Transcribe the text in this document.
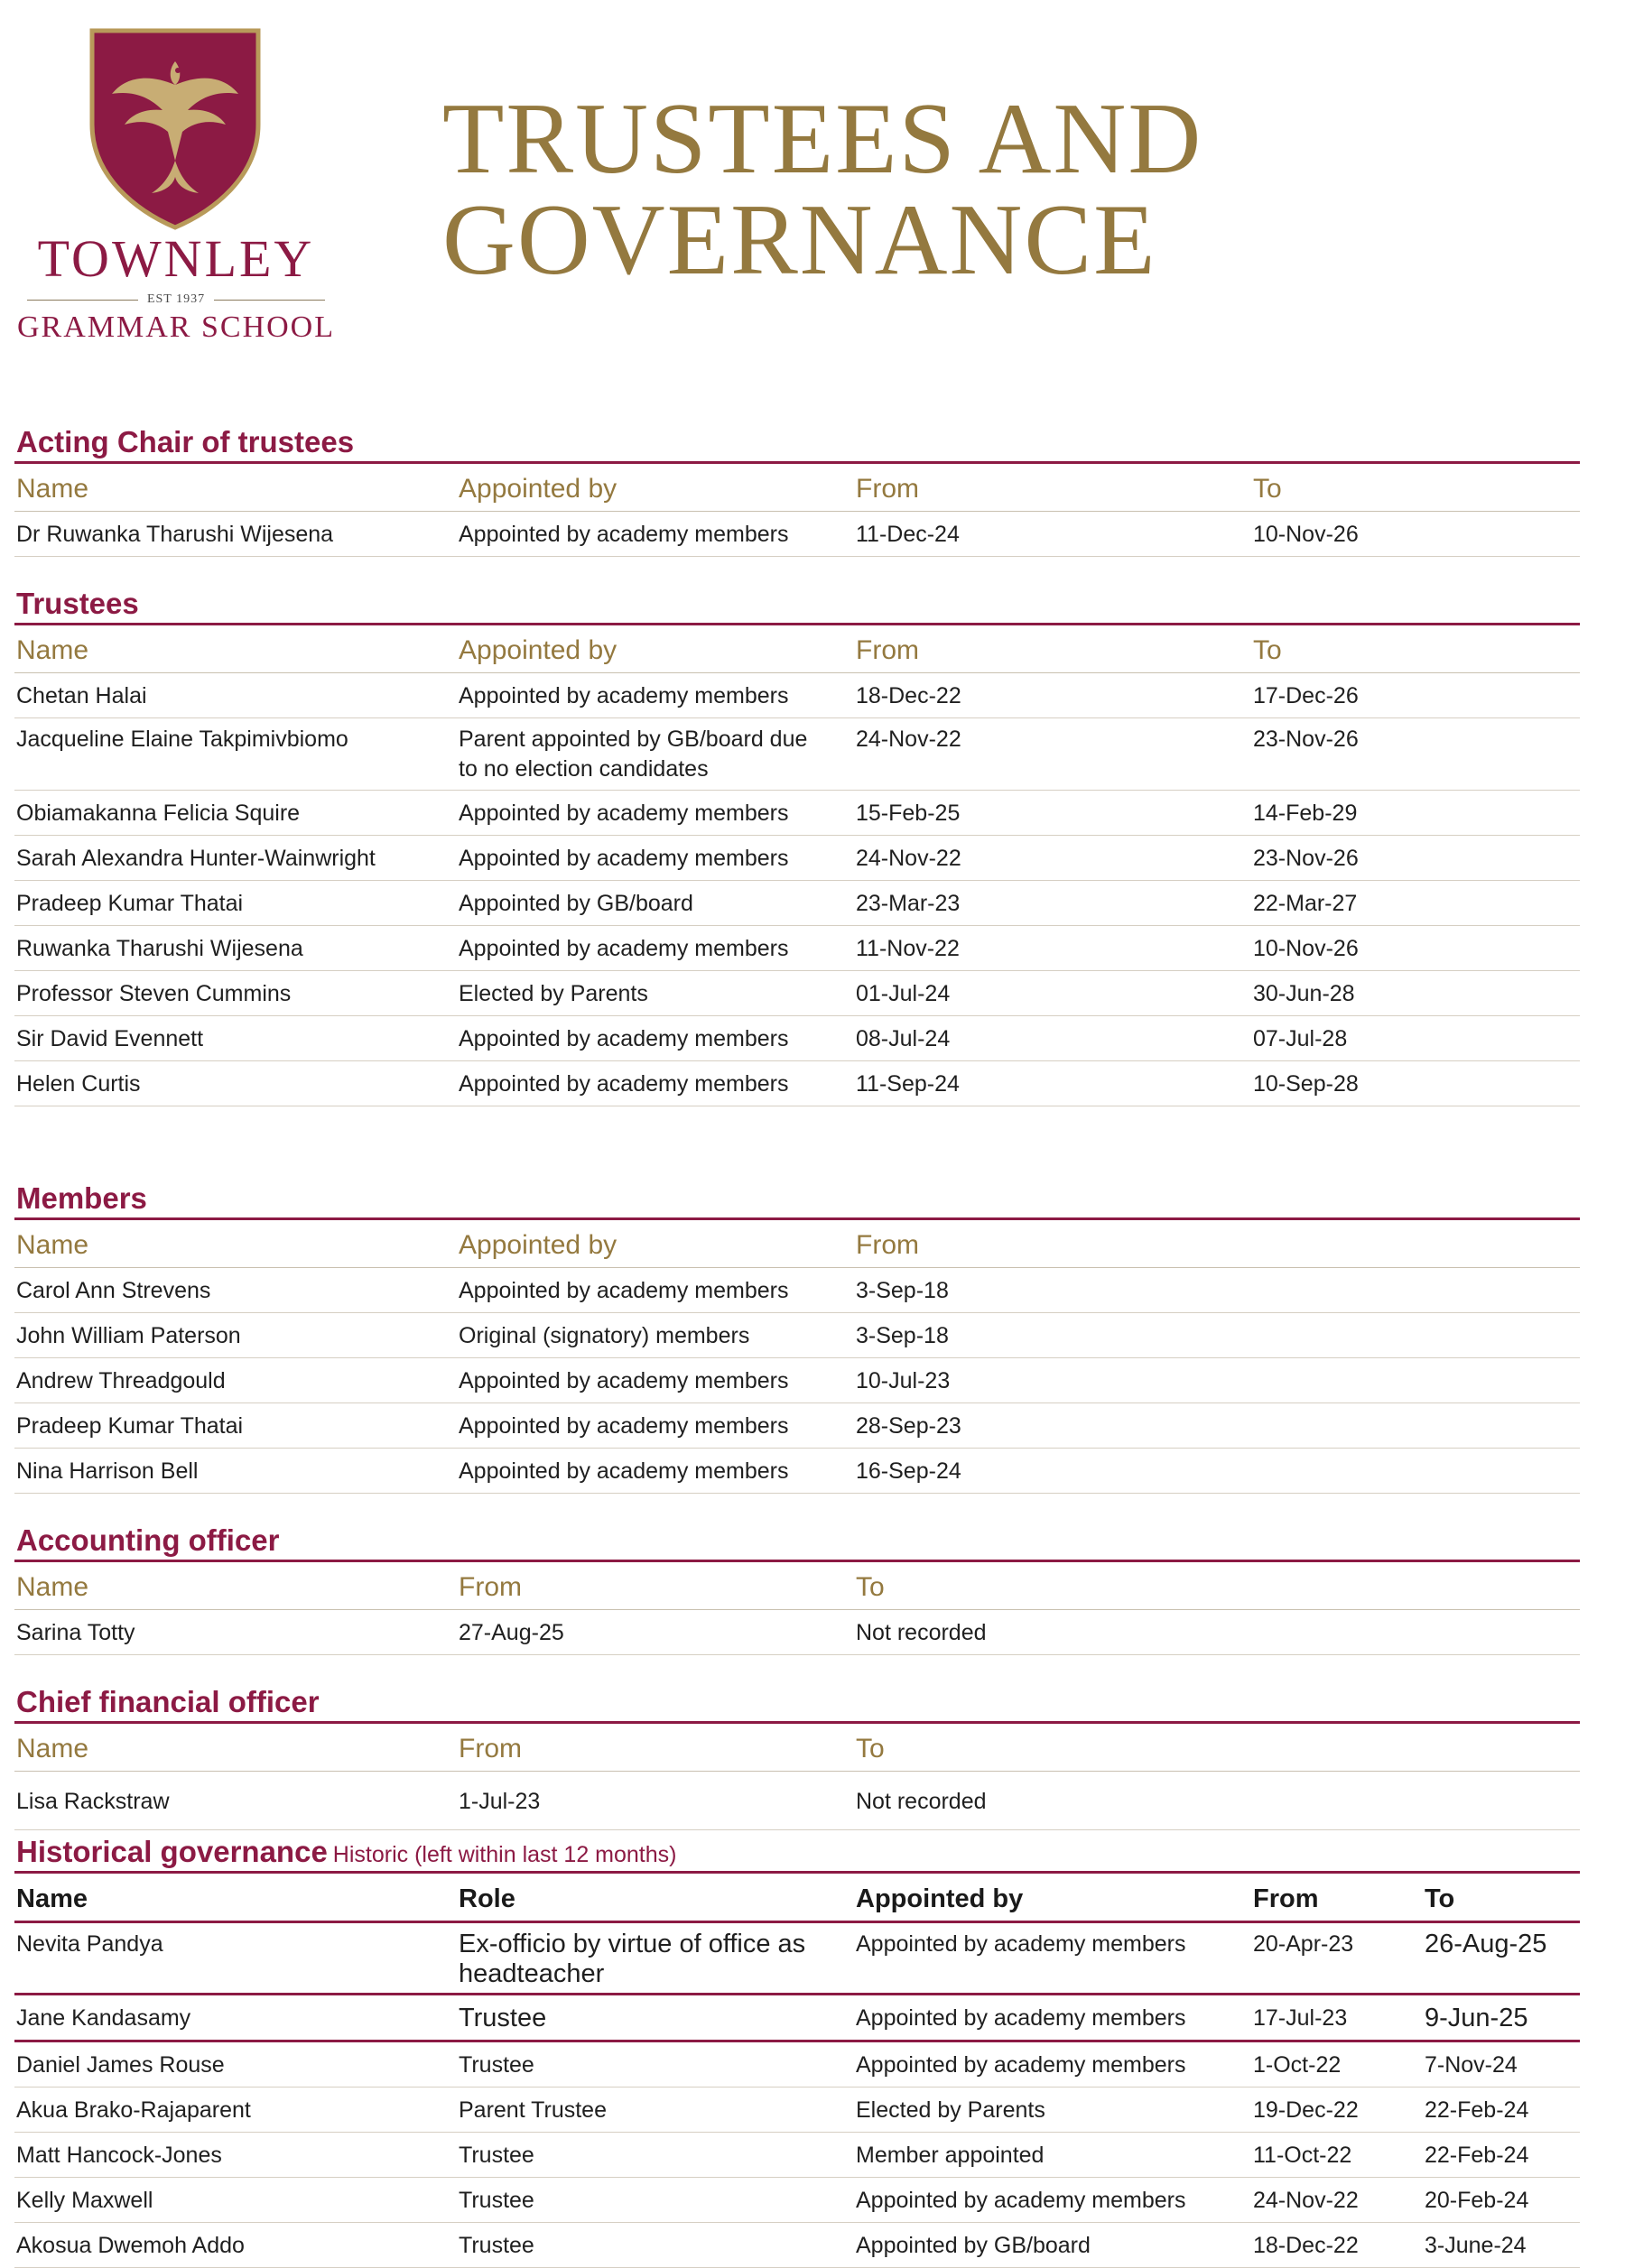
TOWNLEY
EST 1937
GRAMMAR SCHOOL
TRUSTEES AND
GOVERNANCE
Acting Chair of trustees
Name	Appointed by	From	To
Dr Ruwanka Tharushi Wijesena	Appointed by academy members	11-Dec-24	10-Nov-26
Trustees
Name	Appointed by	From	To
Chetan Halai	Appointed by academy members	18-Dec-22	17-Dec-26
Jacqueline Elaine Takpimivbiomo	Parent appointed by GB/board due to no election candidates	24-Nov-22	23-Nov-26
Obiamakanna Felicia Squire	Appointed by academy members	15-Feb-25	14-Feb-29
Sarah Alexandra Hunter-Wainwright	Appointed by academy members	24-Nov-22	23-Nov-26
Pradeep Kumar Thatai	Appointed by GB/board	23-Mar-23	22-Mar-27
Ruwanka Tharushi Wijesena	Appointed by academy members	11-Nov-22	10-Nov-26
Professor Steven Cummins	Elected by Parents	01-Jul-24	30-Jun-28
Sir David Evennett	Appointed by academy members	08-Jul-24	07-Jul-28
Helen Curtis	Appointed by academy members	11-Sep-24	10-Sep-28
Members
Name	Appointed by	From
Carol Ann Strevens	Appointed by academy members	3-Sep-18
John William Paterson	Original (signatory) members	3-Sep-18
Andrew Threadgould	Appointed by academy members	10-Jul-23
Pradeep Kumar Thatai	Appointed by academy members	28-Sep-23
Nina Harrison Bell	Appointed by academy members	16-Sep-24
Accounting officer
Name	From	To
Sarina Totty	27-Aug-25	Not recorded
Chief financial officer
Name	From	To
Lisa Rackstraw	1-Jul-23	Not recorded
Historical governance Historic (left within last 12 months)
Name	Role	Appointed by	From	To
Nevita Pandya	Ex-officio by virtue of office as headteacher	Appointed by academy members	20-Apr-23	26-Aug-25
Jane Kandasamy	Trustee	Appointed by academy members	17-Jul-23	9-Jun-25
Daniel James Rouse	Trustee	Appointed by academy members	1-Oct-22	7-Nov-24
Akua Brako-Rajaparent	Parent Trustee	Elected by Parents	19-Dec-22	22-Feb-24
Matt Hancock-Jones	Trustee	Member appointed	11-Oct-22	22-Feb-24
Kelly Maxwell	Trustee	Appointed by academy members	24-Nov-22	20-Feb-24
Akosua Dwemoh Addo	Trustee	Appointed by GB/board	18-Dec-22	3-June-24
